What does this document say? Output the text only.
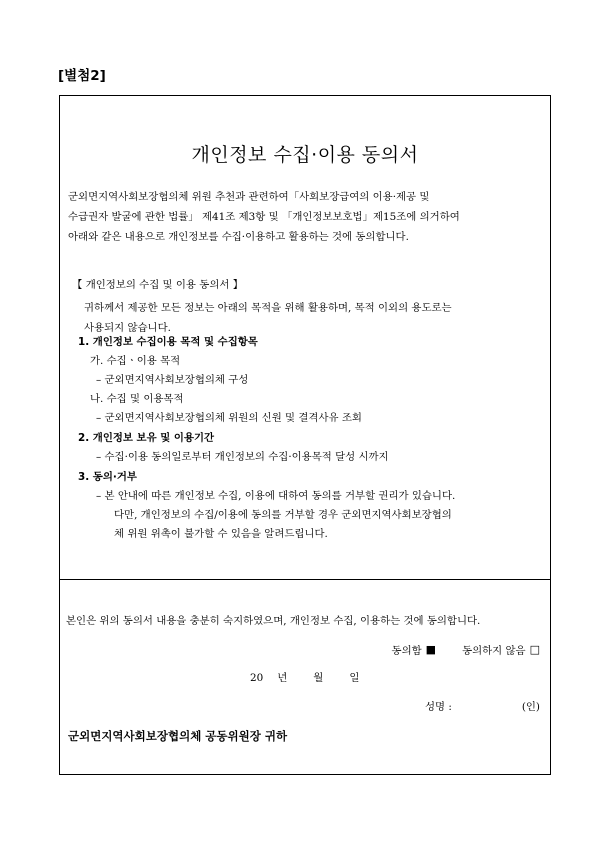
[별첨2]
개인정보 수집·이용 동의서
군외면지역사회보장협의체 위원 추천과 관련하여「사회보장급여의 이용·제공 및
수급권자 발굴에 관한 법률」 제41조 제3항 및 「개인정보보호법」제15조에 의거하여
아래와 같은 내용으로 개인정보를 수집·이용하고 활용하는 것에 동의합니다.
【 개인정보의 수집 및 이용 동의서 】
귀하께서 제공한 모든 정보는 아래의 목적을 위해 활용하며, 목적 이외의 용도로는
사용되지 않습니다.
1. 개인정보 수집이용 목적 및 수집항목
가. 수집ㆍ이용 목적
– 군외면지역사회보장협의체 구성
나. 수집 및 이용목적
– 군외면지역사회보장협의체 위원의 신원 및 결격사유 조회
2. 개인정보 보유 및 이용기간
– 수집·이용 동의일로부터 개인정보의 수집·이용목적 달성 시까지
3. 동의·거부
– 본 안내에 따른 개인정보 수집, 이용에 대하여 동의를 거부할 권리가 있습니다.
다만, 개인정보의 수집/이용에 동의를 거부할 경우 군외면지역사회보장협의
체 위원 위촉이 불가할 수 있음을 알려드립니다.
본인은 위의 동의서 내용을 충분히 숙지하였으며, 개인정보 수집, 이용하는 것에 동의합니다.
동의함 ■	동의하지 않음 □
20 년	월	일
성명 :	(인)
군외면지역사회보장협의체 공동위원장 귀하
